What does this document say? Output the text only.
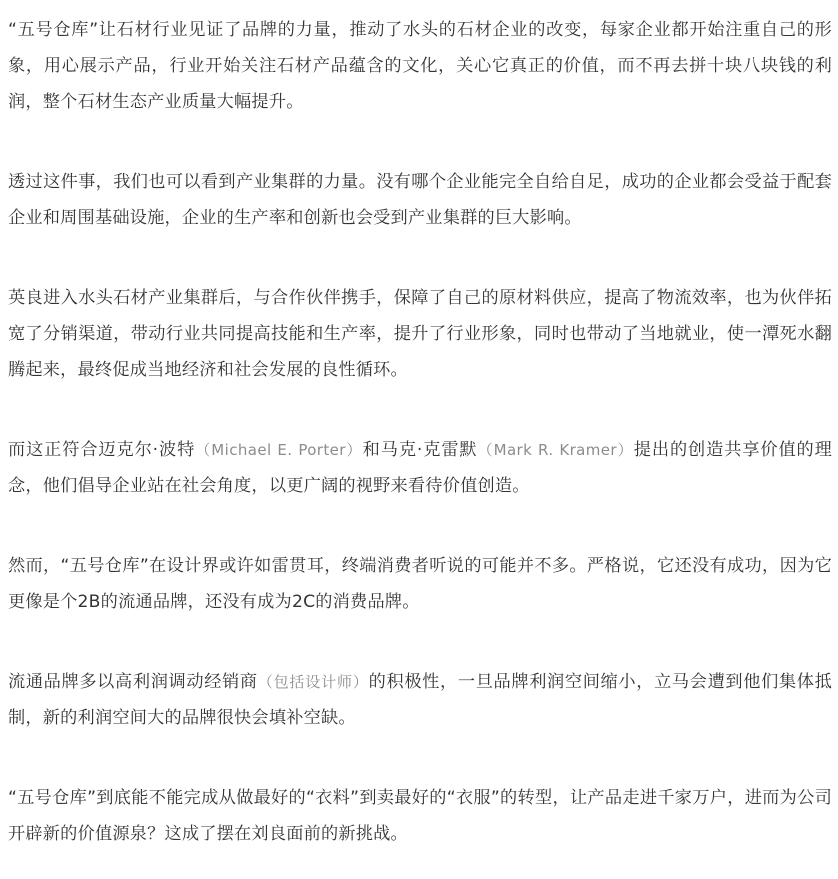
“五号仓库”让石材行业见证了品牌的力量，推动了水头的石材企业的改变，每家企业都开始注重自己的形象，用心展示产品，行业开始关注石材产品蕴含的文化，关心它真正的价值，而不再去拼十块八块钱的利润，整个石材生态产业质量大幅提升。

透过这件事，我们也可以看到产业集群的力量。没有哪个企业能完全自给自足，成功的企业都会受益于配套企业和周围基础设施，企业的生产率和创新也会受到产业集群的巨大影响。

英良进入水头石材产业集群后，与合作伙伴携手，保障了自己的原材料供应，提高了物流效率，也为伙伴拓宽了分销渠道，带动行业共同提高技能和生产率，提升了行业形象，同时也带动了当地就业，使一潭死水翻腾起来，最终促成当地经济和社会发展的良性循环。

而这正符合迈克尔·波特（Michael E. Porter）和马克·克雷默（Mark R. Kramer）提出的创造共享价值的理念，他们倡导企业站在社会角度，以更广阔的视野来看待价值创造。

然而，“五号仓库”在设计界或许如雷贯耳，终端消费者听说的可能并不多。严格说，它还没有成功，因为它更像是个2B的流通品牌，还没有成为2C的消费品牌。

流通品牌多以高利润调动经销商（包括设计师）的积极性，一旦品牌利润空间缩小，立马会遭到他们集体抵制，新的利润空间大的品牌很快会填补空缺。

“五号仓库”到底能不能完成从做最好的“衣料”到卖最好的“衣服”的转型，让产品走进千家万户，进而为公司开辟新的价值源泉？这成了摆在刘良面前的新挑战。
